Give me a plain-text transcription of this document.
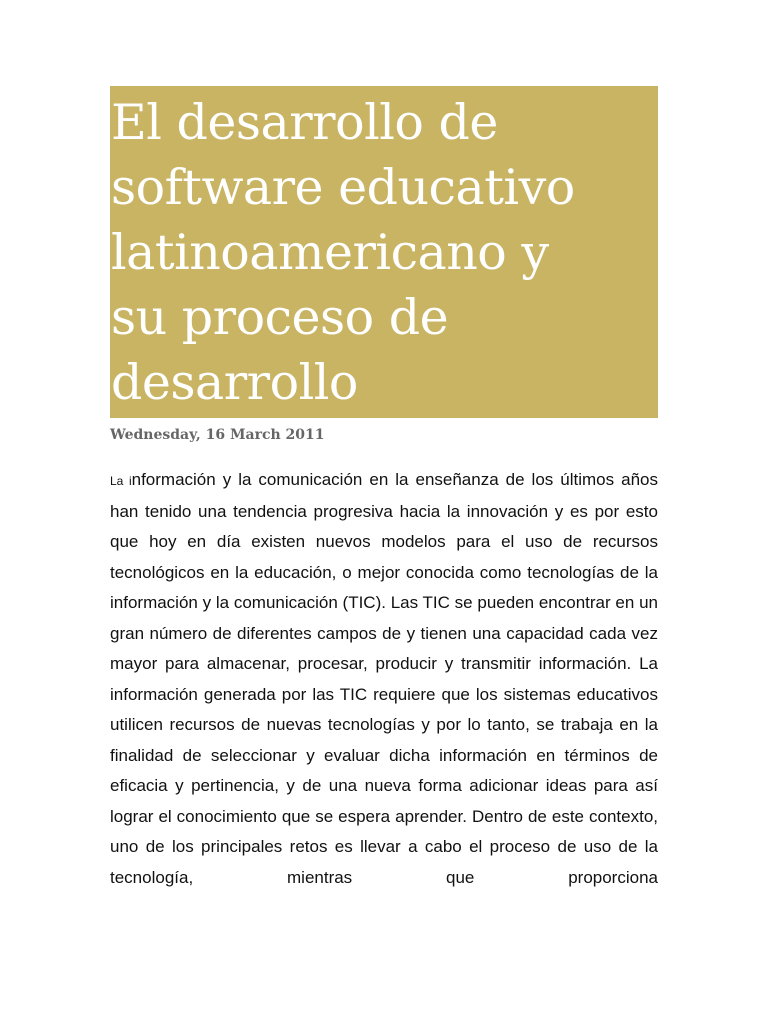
El desarrollo de
software educativo
latinoamericano y
su proceso de
desarrollo

Wednesday, 16 March 2011

La información y la comunicación en la enseñanza de los últimos años han tenido una tendencia progresiva hacia la innovación y es por esto que hoy en día existen nuevos modelos para el uso de recursos tecnológicos en la educación, o mejor conocida como tecnologías de la información y la comunicación (TIC). Las TIC se pueden encontrar en un gran número de diferentes campos de y tienen una capacidad cada vez mayor para almacenar, procesar, producir y transmitir información. La información generada por las TIC requiere que los sistemas educativos utilicen recursos de nuevas tecnologías y por lo tanto, se trabaja en la finalidad de seleccionar y evaluar dicha información en términos de eficacia y pertinencia, y de una nueva forma adicionar ideas para así lograr el conocimiento que se espera aprender. Dentro de este contexto, uno de los principales retos es llevar a cabo el proceso de uso de la tecnología, mientras que proporciona
